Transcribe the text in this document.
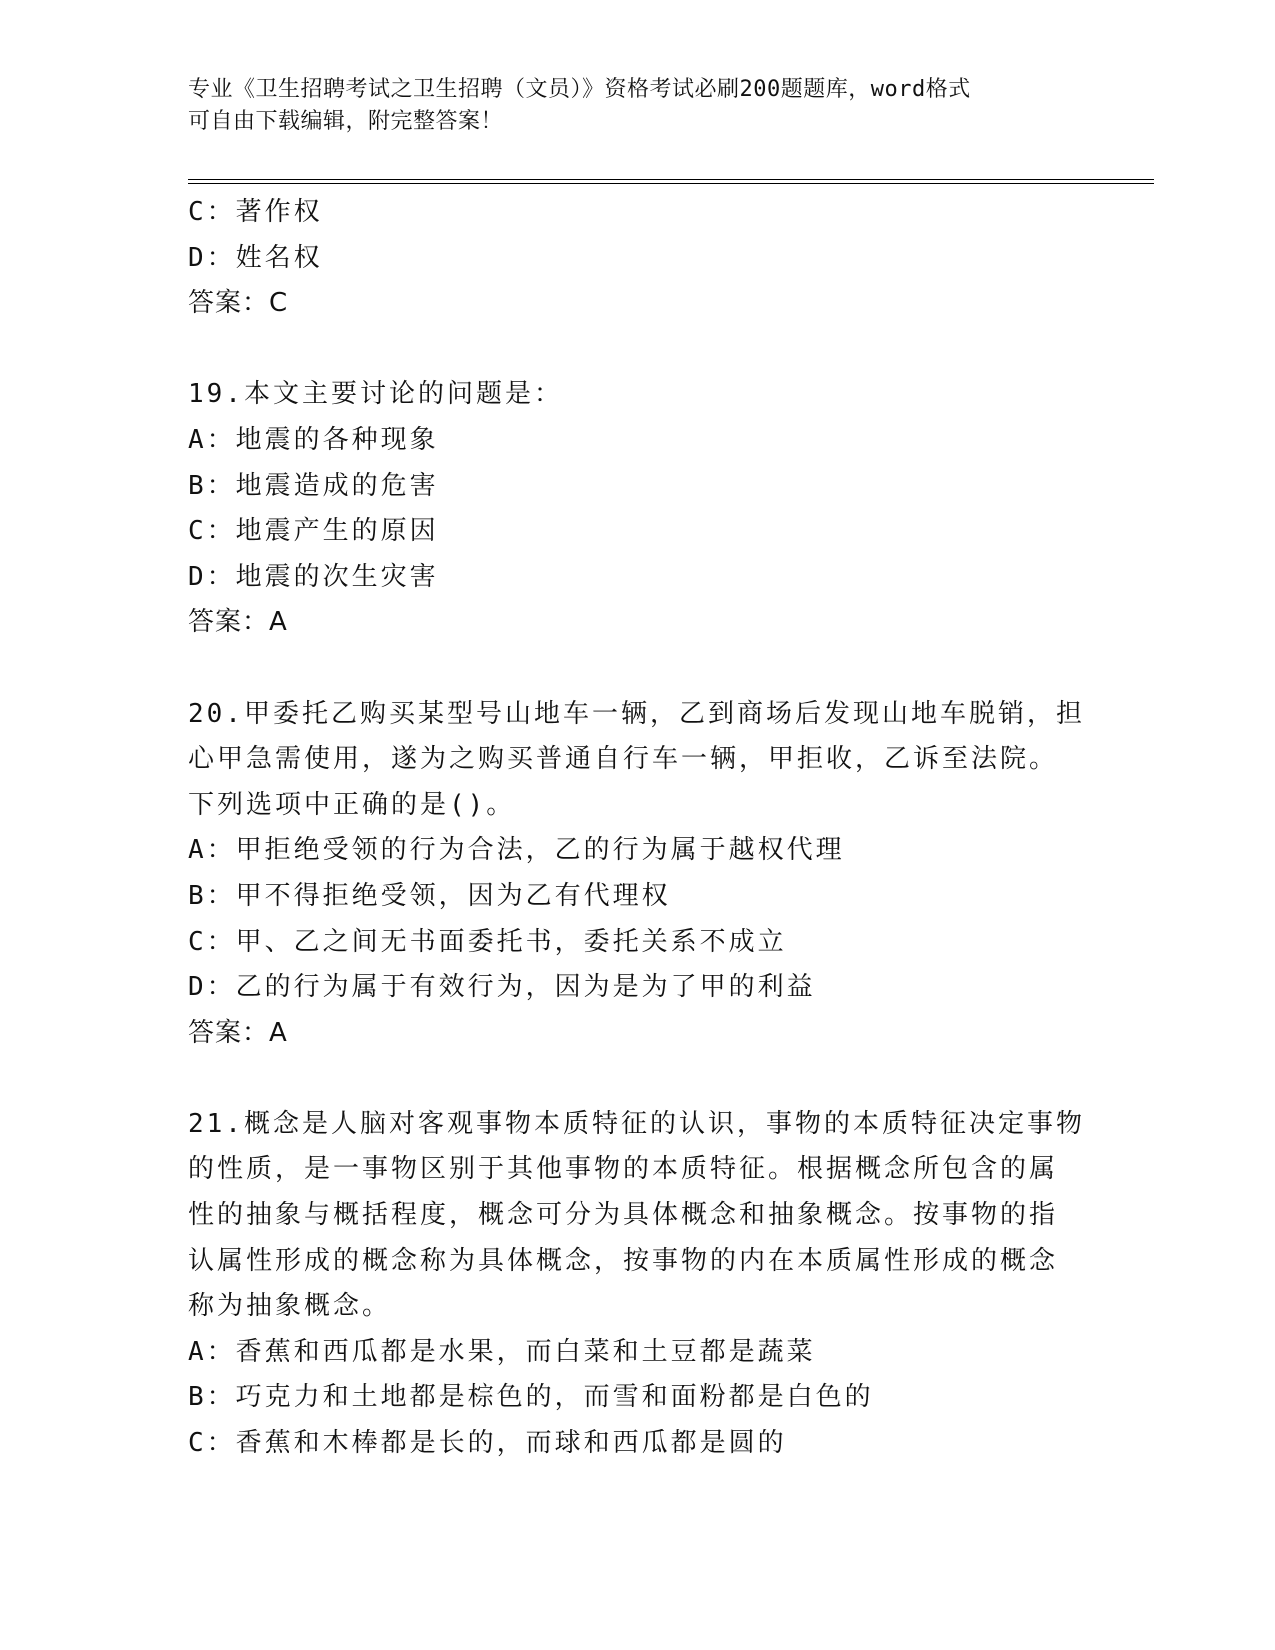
专业《卫生招聘考试之卫生招聘（文员）》资格考试必刷200题题库，word格式
可自由下载编辑，附完整答案！
C：著作权
D：姓名权
答案：C
19.本文主要讨论的问题是：
A：地震的各种现象
B：地震造成的危害
C：地震产生的原因
D：地震的次生灾害
答案：A
20.甲委托乙购买某型号山地车一辆，乙到商场后发现山地车脱销，担
心甲急需使用，遂为之购买普通自行车一辆，甲拒收，乙诉至法院。
下列选项中正确的是()。
A：甲拒绝受领的行为合法，乙的行为属于越权代理
B：甲不得拒绝受领，因为乙有代理权
C：甲、乙之间无书面委托书，委托关系不成立
D：乙的行为属于有效行为，因为是为了甲的利益
答案：A
21.概念是人脑对客观事物本质特征的认识，事物的本质特征决定事物
的性质，是一事物区别于其他事物的本质特征。根据概念所包含的属
性的抽象与概括程度，概念可分为具体概念和抽象概念。按事物的指
认属性形成的概念称为具体概念，按事物的内在本质属性形成的概念
称为抽象概念。
A：香蕉和西瓜都是水果，而白菜和土豆都是蔬菜
B：巧克力和土地都是棕色的，而雪和面粉都是白色的
C：香蕉和木棒都是长的，而球和西瓜都是圆的
